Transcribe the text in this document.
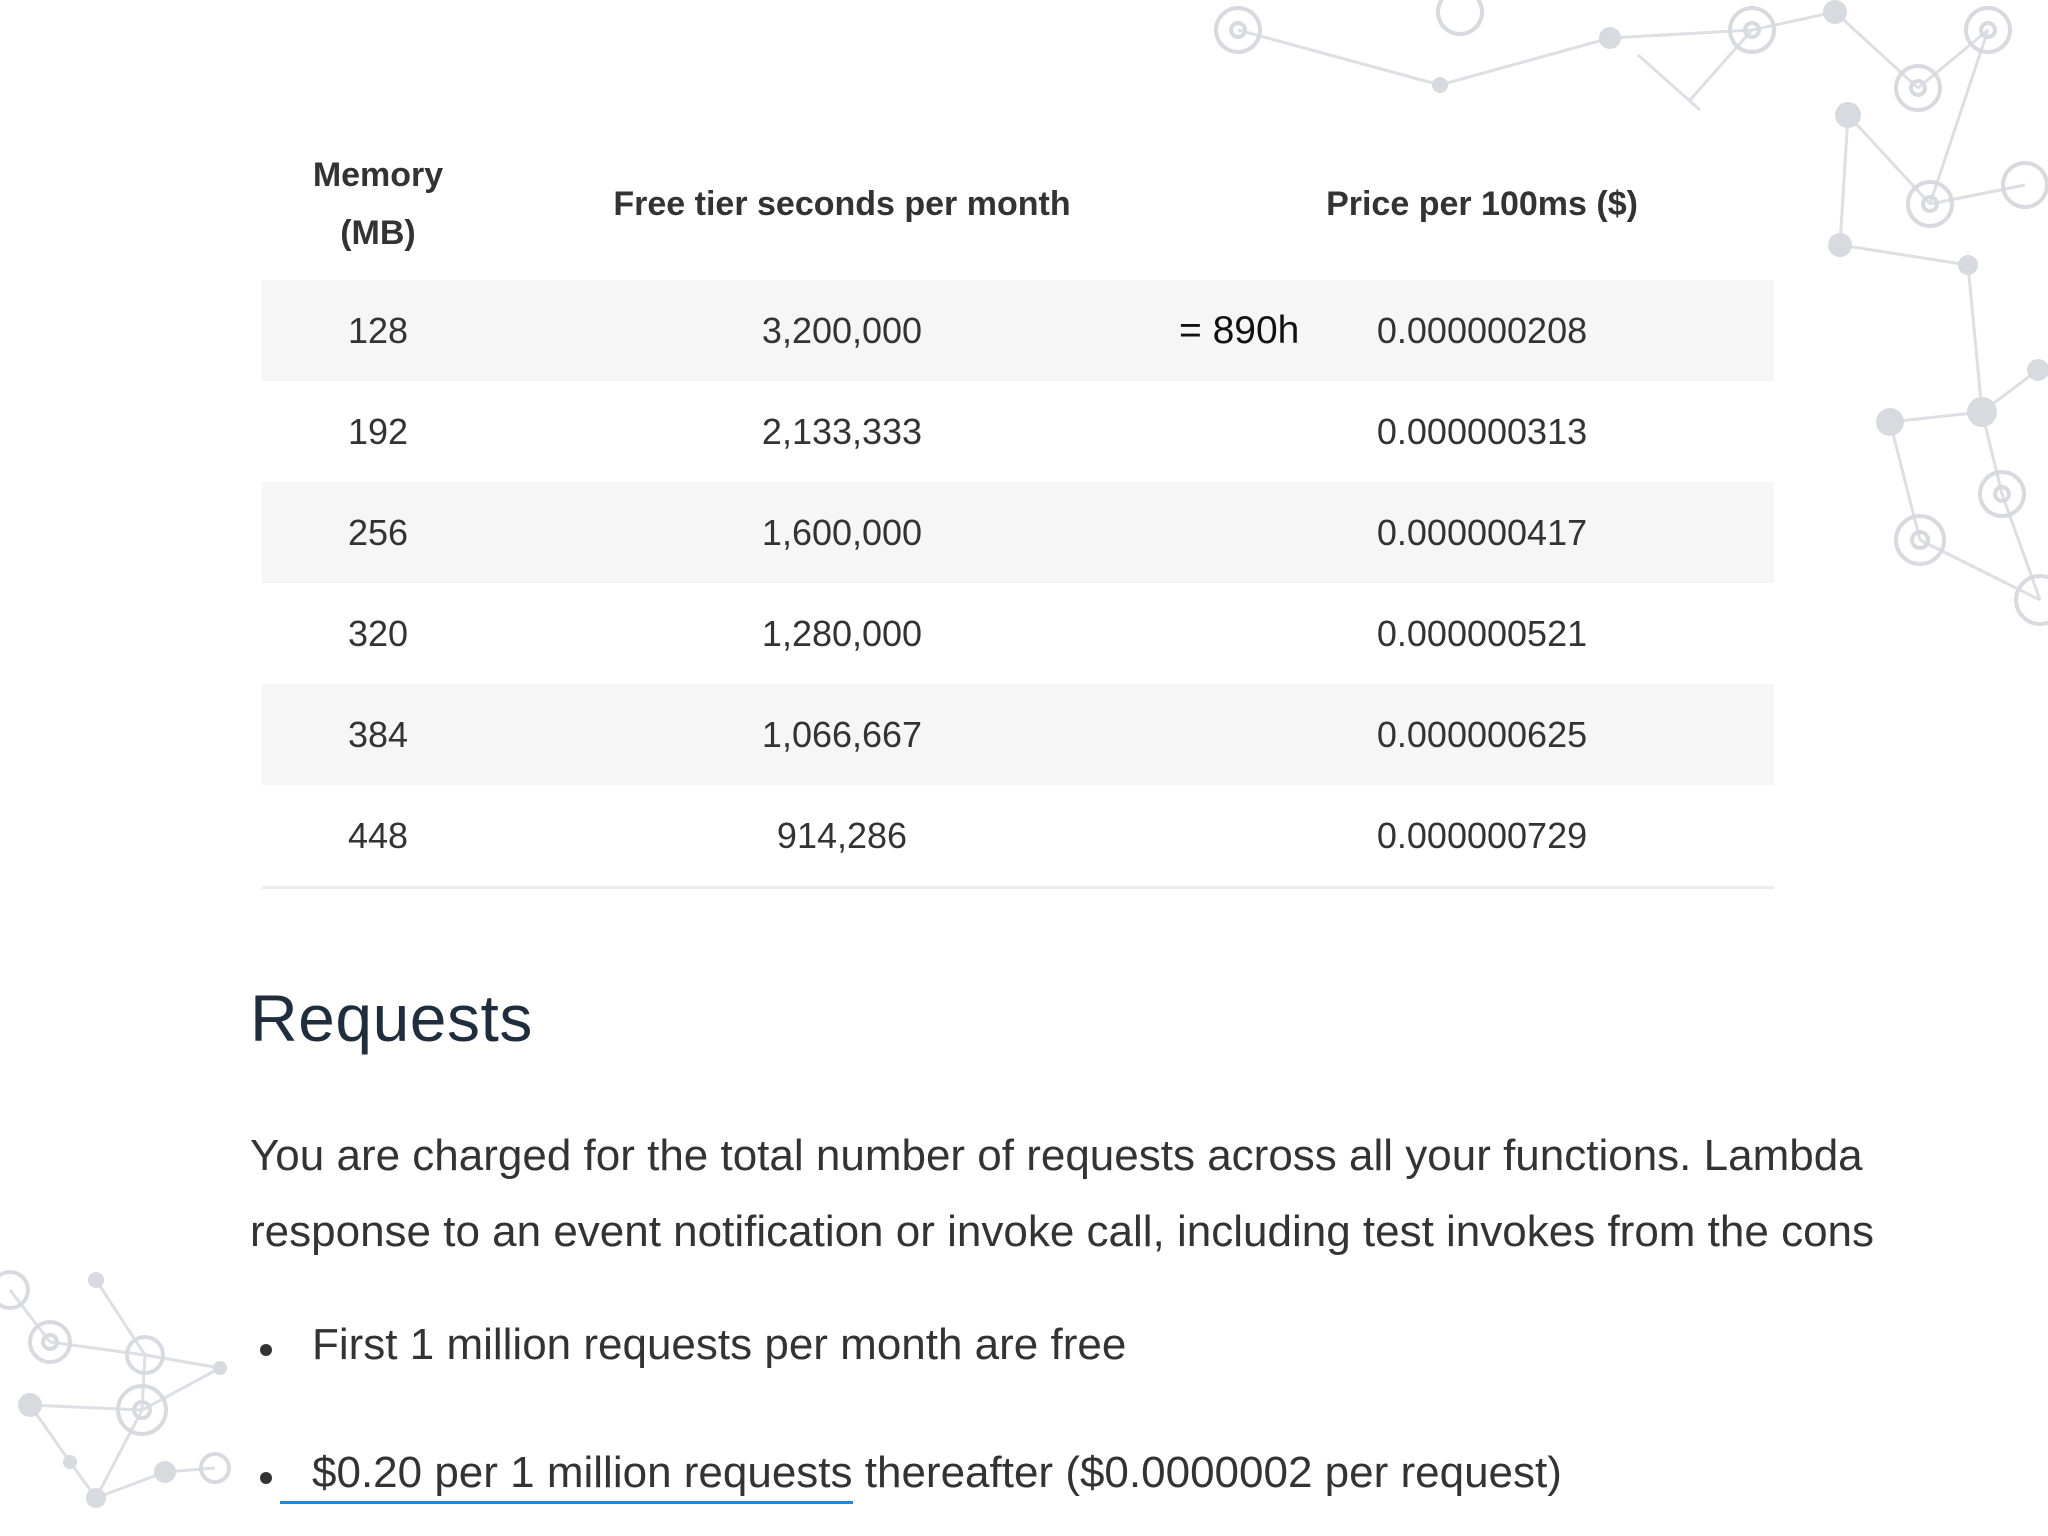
Memory (MB)	Free tier seconds per month	Price per 100ms ($)
128	3,200,000 = 890h	0.000000208
192	2,133,333	0.000000313
256	1,600,000	0.000000417
320	1,280,000	0.000000521
384	1,066,667	0.000000625
448	914,286	0.000000729
Requests

You are charged for the total number of requests across all your functions. Lambda
response to an event notification or invoke call, including test invokes from the cons

First 1 million requests per month are free
$0.20 per 1 million requests thereafter ($0.0000002 per request)
